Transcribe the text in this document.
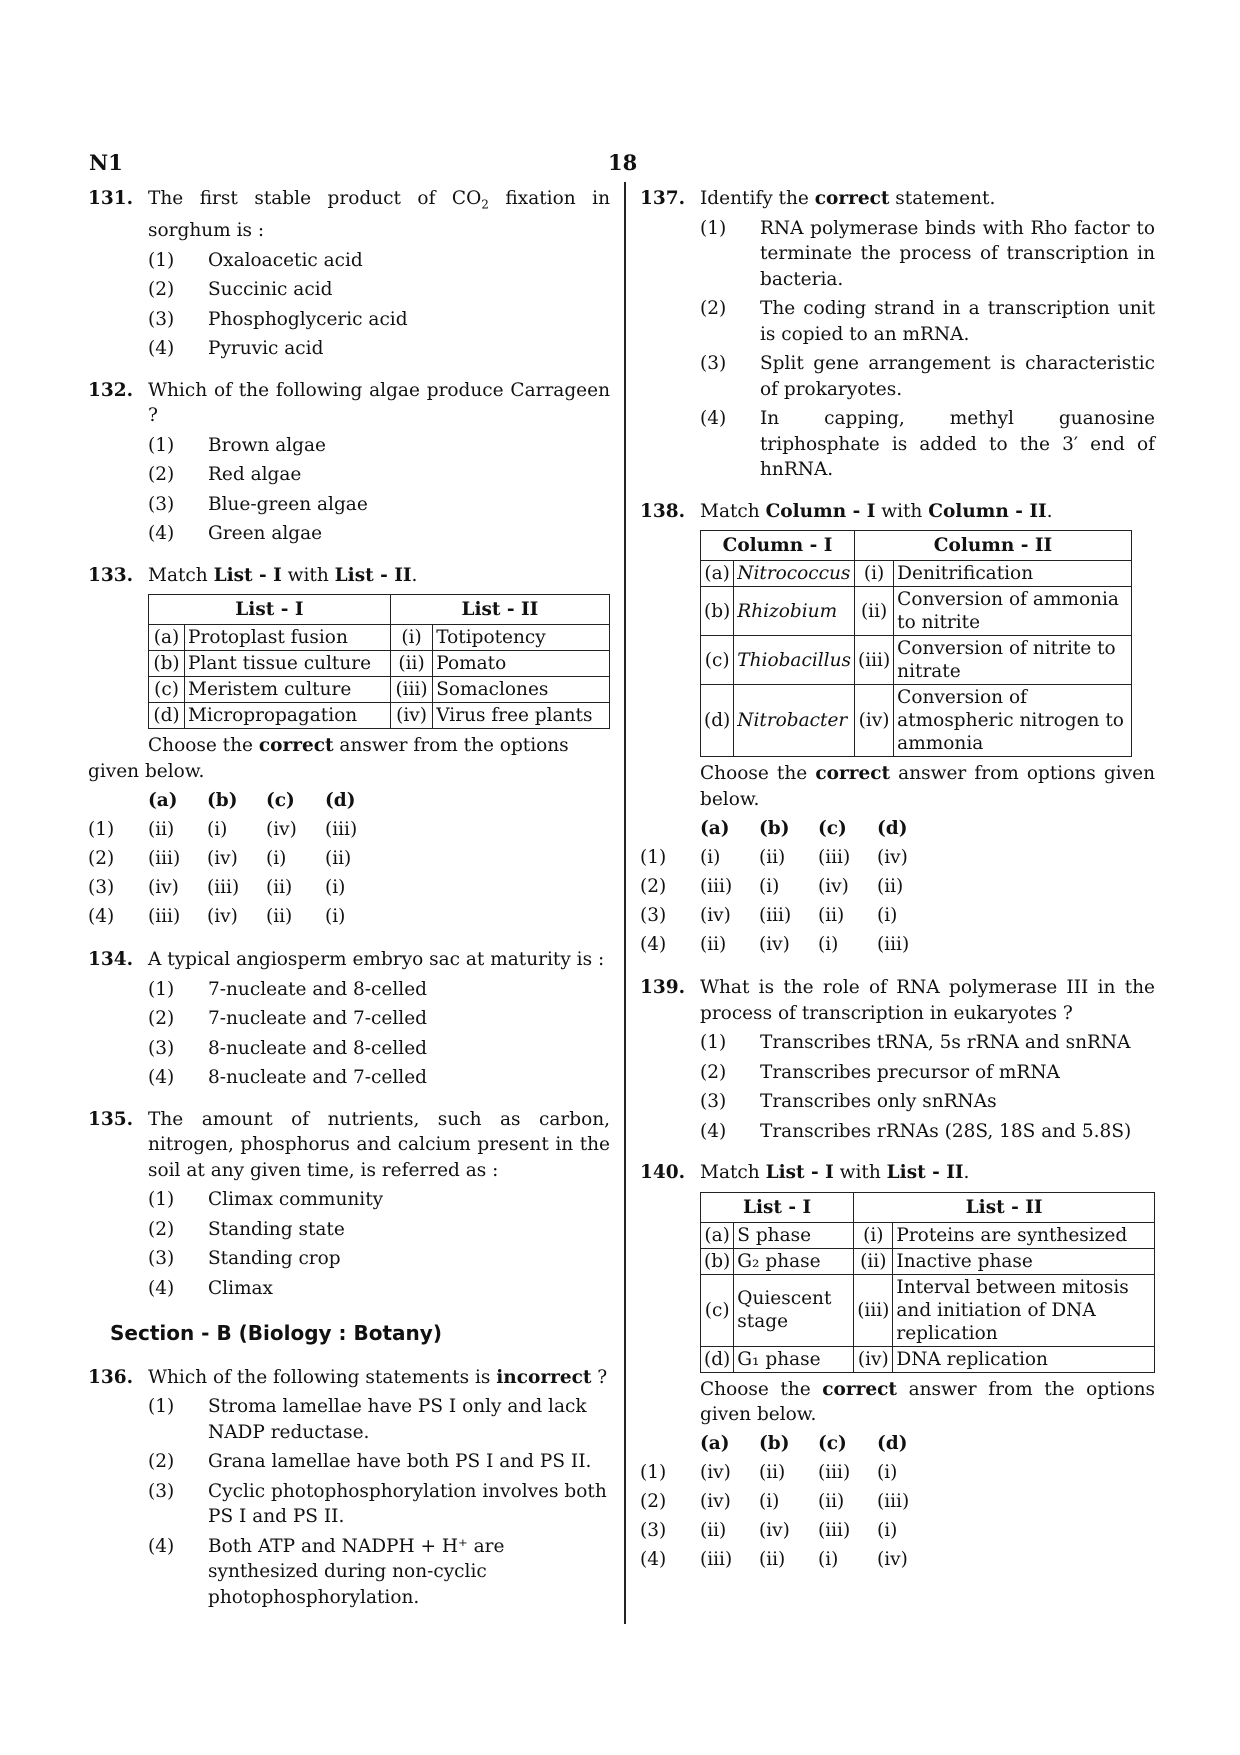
N1	18
131. The first stable product of $CO_2$ fixation in sorghum is :
(1) Oxaloacetic acid
(2) Succinic acid
(3) Phosphoglyceric acid
(4) Pyruvic acid
132. Which of the following algae produce Carrageen ?
(1) Brown algae
(2) Red algae
(3) Blue-green algae
(4) Green algae
133. Match List - I with List - II.
List - I		List - II	
(a)	Protoplast fusion	(i)	Totipotency
(b)	Plant tissue culture	(ii)	Pomato
(c)	Meristem culture	(iii)	Somaclones
(d)	Micropropagation	(iv)	Virus free plants
Choose the correct answer from the options given below.
(a)	(b)	(c)	(d)
(1)	(ii)	(i)	(iv)	(iii)
(2)	(iii)	(iv)	(i)	(ii)
(3)	(iv)	(iii)	(ii)	(i)
(4)	(iii)	(iv)	(ii)	(i)
134. A typical angiosperm embryo sac at maturity is :
(1) 7-nucleate and 8-celled
(2) 7-nucleate and 7-celled
(3) 8-nucleate and 8-celled
(4) 8-nucleate and 7-celled
135. The amount of nutrients, such as carbon, nitrogen, phosphorus and calcium present in the soil at any given time, is referred as :
(1) Climax community
(2) Standing state
(3) Standing crop
(4) Climax
Section - B (Biology : Botany)
136. Which of the following statements is incorrect ?
(1) Stroma lamellae have PS I only and lack NADP reductase.
(2) Grana lamellae have both PS I and PS II.
(3) Cyclic photophosphorylation involves both PS I and PS II.
(4) Both ATP and NADPH + H⁺ are synthesized during non-cyclic photophosphorylation.
137. Identify the correct statement.
(1) RNA polymerase binds with Rho factor to terminate the process of transcription in bacteria.
(2) The coding strand in a transcription unit is copied to an mRNA.
(3) Split gene arrangement is characteristic of prokaryotes.
(4) In capping, methyl guanosine triphosphate is added to the 3′ end of hnRNA.
138. Match Column - I with Column - II.
Column - I		Column - II	
(a)	Nitrococcus	(i)	Denitrification
(b)	Rhizobium	(ii)	Conversion of ammonia to nitrite
(c)	Thiobacillus	(iii)	Conversion of nitrite to nitrate
(d)	Nitrobacter	(iv)	Conversion of atmospheric nitrogen to ammonia
Choose the correct answer from options given below.
(a)	(b)	(c)	(d)
(1)	(i)	(ii)	(iii)	(iv)
(2)	(iii)	(i)	(iv)	(ii)
(3)	(iv)	(iii)	(ii)	(i)
(4)	(ii)	(iv)	(i)	(iii)
139. What is the role of RNA polymerase III in the process of transcription in eukaryotes ?
(1) Transcribes tRNA, 5s rRNA and snRNA
(2) Transcribes precursor of mRNA
(3) Transcribes only snRNAs
(4) Transcribes rRNAs (28S, 18S and 5.8S)
140. Match List - I with List - II.
List - I		List - II	
(a)	S phase	(i)	Proteins are synthesized
(b)	G₂ phase	(ii)	Inactive phase
(c)	Quiescent stage	(iii)	Interval between mitosis and initiation of DNA replication
(d)	G₁ phase	(iv)	DNA replication
Choose the correct answer from the options given below.
(a)	(b)	(c)	(d)
(1)	(iv)	(ii)	(iii)	(i)
(2)	(iv)	(i)	(ii)	(iii)
(3)	(ii)	(iv)	(iii)	(i)
(4)	(iii)	(ii)	(i)	(iv)
